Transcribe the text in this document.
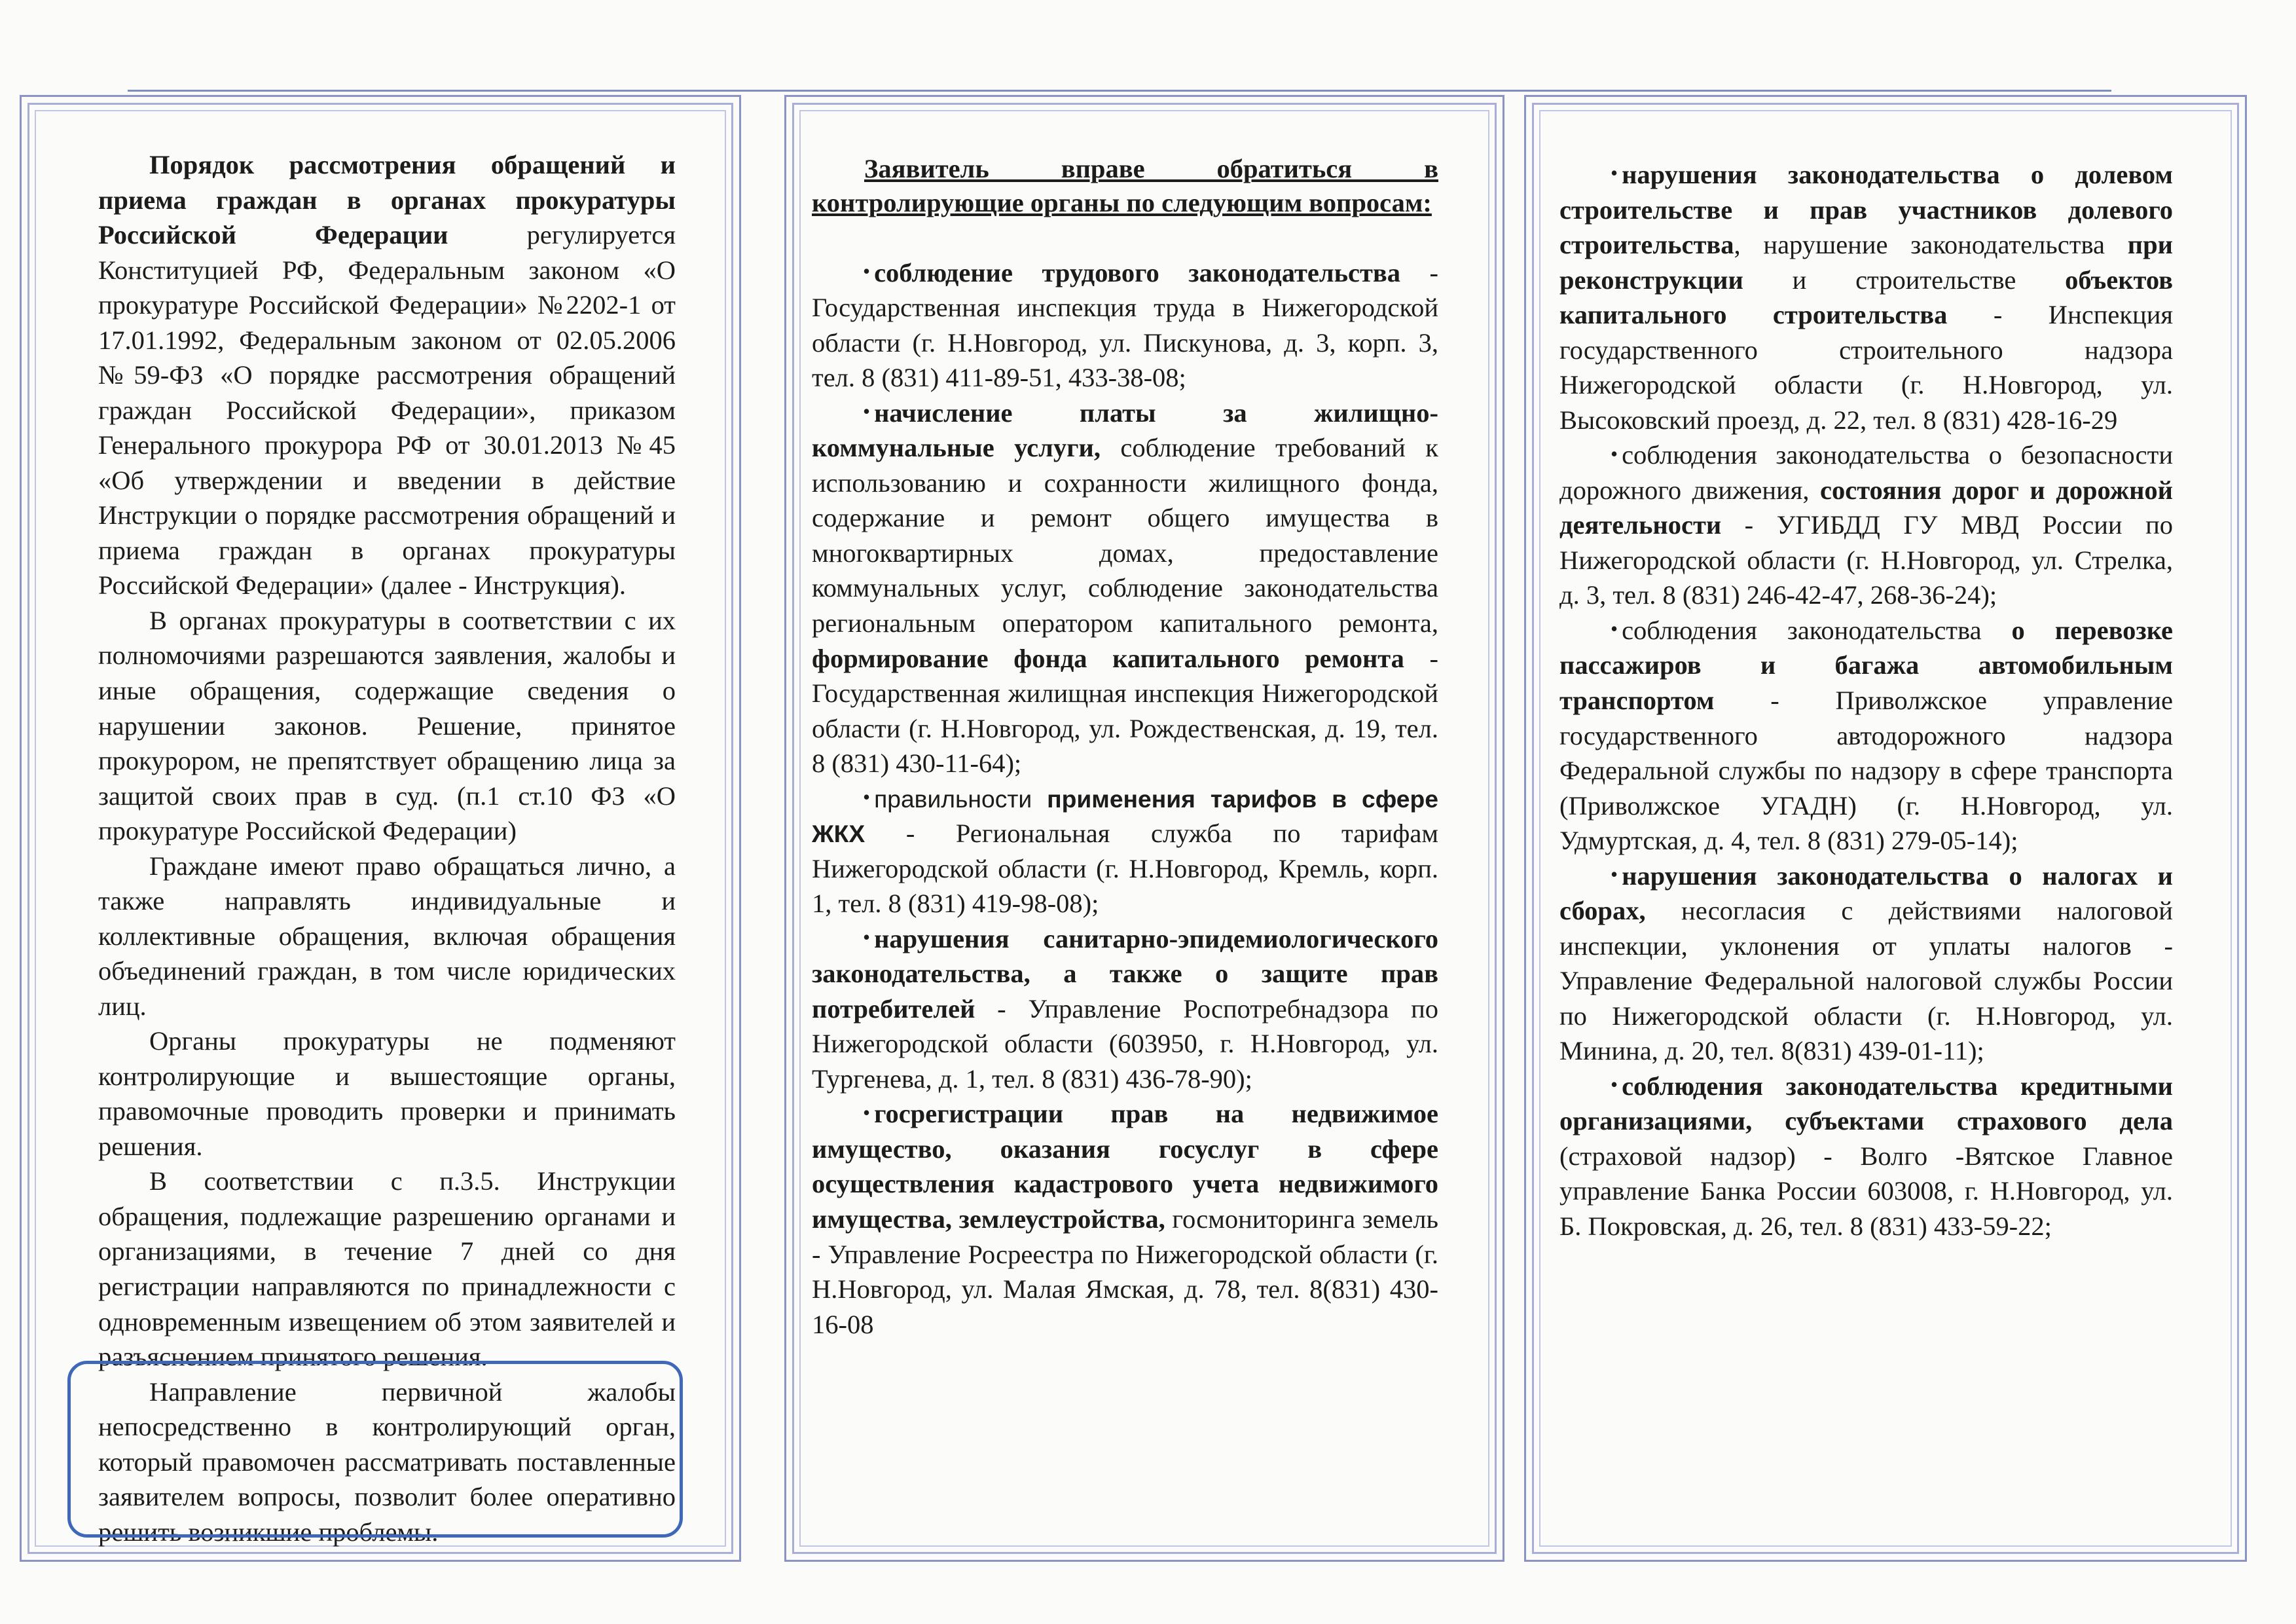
Порядок рассмотрения обращений и приема граждан в органах прокуратуры Российской Федерации регулируется Конституцией РФ, Федеральным законом «О прокуратуре Российской Федерации» №2202-1 от 17.01.1992, Федеральным законом от 02.05.2006 №59-ФЗ «О порядке рассмотрения обращений граждан Российской Федерации», приказом Генерального прокурора РФ от 30.01.2013 №45 «Об утверждении и введении в действие Инструкции о порядке рассмотрения обращений и приема граждан в органах прокуратуры Российской Федерации» (далее - Инструкция).

В органах прокуратуры в соответствии с их полномочиями разрешаются заявления, жалобы и иные обращения, содержащие сведения о нарушении законов. Решение, принятое прокурором, не препятствует обращению лица за защитой своих прав в суд. (п.1 ст.10 ФЗ «О прокуратуре Российской Федерации)

Граждане имеют право обращаться лично, а также направлять индивидуальные и коллективные обращения, включая обращения объединений граждан, в том числе юридических лиц.

Органы прокуратуры не подменяют контролирующие и вышестоящие органы, правомочные проводить проверки и принимать решения.

В соответствии с п.3.5. Инструкции обращения, подлежащие разрешению органами и организациями, в течение 7 дней со дня регистрации направляются по принадлежности с одновременным извещением об этом заявителей и разъяснением принятого решения.

Направление первичной жалобы непосредственно в контролирующий орган, который правомочен рассматривать поставленные заявителем вопросы, позволит более оперативно решить возникшие проблемы.

Заявитель вправе обратиться в контролирующие органы по следующим вопросам:

• соблюдение трудового законодательства - Государственная инспекция труда в Нижегородской области (г. Н.Новгород, ул. Пискунова, д. 3, корп. 3, тел. 8 (831) 411-89-51, 433-38-08;

• начисление платы за жилищно-коммунальные услуги, соблюдение требований к использованию и сохранности жилищного фонда, содержание и ремонт общего имущества в многоквартирных домах, предоставление коммунальных услуг, соблюдение законодательства региональным оператором капитального ремонта, формирование фонда капитального ремонта - Государственная жилищная инспекция Нижегородской области (г. Н.Новгород, ул. Рождественская, д. 19, тел. 8 (831) 430-11-64);

• правильности применения тарифов в сфере ЖКХ - Региональная служба по тарифам Нижегородской области (г. Н.Новгород, Кремль, корп. 1, тел. 8 (831) 419-98-08);

• нарушения санитарно-эпидемиологического законодательства, а также о защите прав потребителей - Управление Роспотребнадзора по Нижегородской области (603950, г. Н.Новгород, ул. Тургенева, д. 1, тел. 8 (831) 436-78-90);

• госрегистрации прав на недвижимое имущество, оказания госуслуг в сфере осуществления кадастрового учета недвижимого имущества, землеустройства, госмониторинга земель - Управление Росреестра по Нижегородской области (г. Н.Новгород, ул. Малая Ямская, д. 78, тел. 8(831) 430-16-08

• нарушения законодательства о долевом строительстве и прав участников долевого строительства, нарушение законодательства при реконструкции и строительстве объектов капитального строительства - Инспекция государственного строительного надзора Нижегородской области (г. Н.Новгород, ул. Высоковский проезд, д. 22, тел. 8 (831) 428-16-29

• соблюдения законодательства о безопасности дорожного движения, состояния дорог и дорожной деятельности - УГИБДД ГУ МВД России по Нижегородской области (г. Н.Новгород, ул. Стрелка, д. 3, тел. 8 (831) 246-42-47, 268-36-24);

• соблюдения законодательства о перевозке пассажиров и багажа автомобильным транспортом - Приволжское управление государственного автодорожного надзора Федеральной службы по надзору в сфере транспорта (Приволжское УГАДН) (г. Н.Новгород, ул. Удмуртская, д. 4, тел. 8 (831) 279-05-14);

• нарушения законодательства о налогах и сборах, несогласия с действиями налоговой инспекции, уклонения от уплаты налогов - Управление Федеральной налоговой службы России по Нижегородской области (г. Н.Новгород, ул. Минина, д. 20, тел. 8(831) 439-01-11);

• соблюдения законодательства кредитными организациями, субъектами страхового дела (страховой надзор) - Волго -Вятское Главное управление Банка России 603008, г. Н.Новгород, ул. Б. Покровская, д. 26, тел. 8 (831) 433-59-22;
